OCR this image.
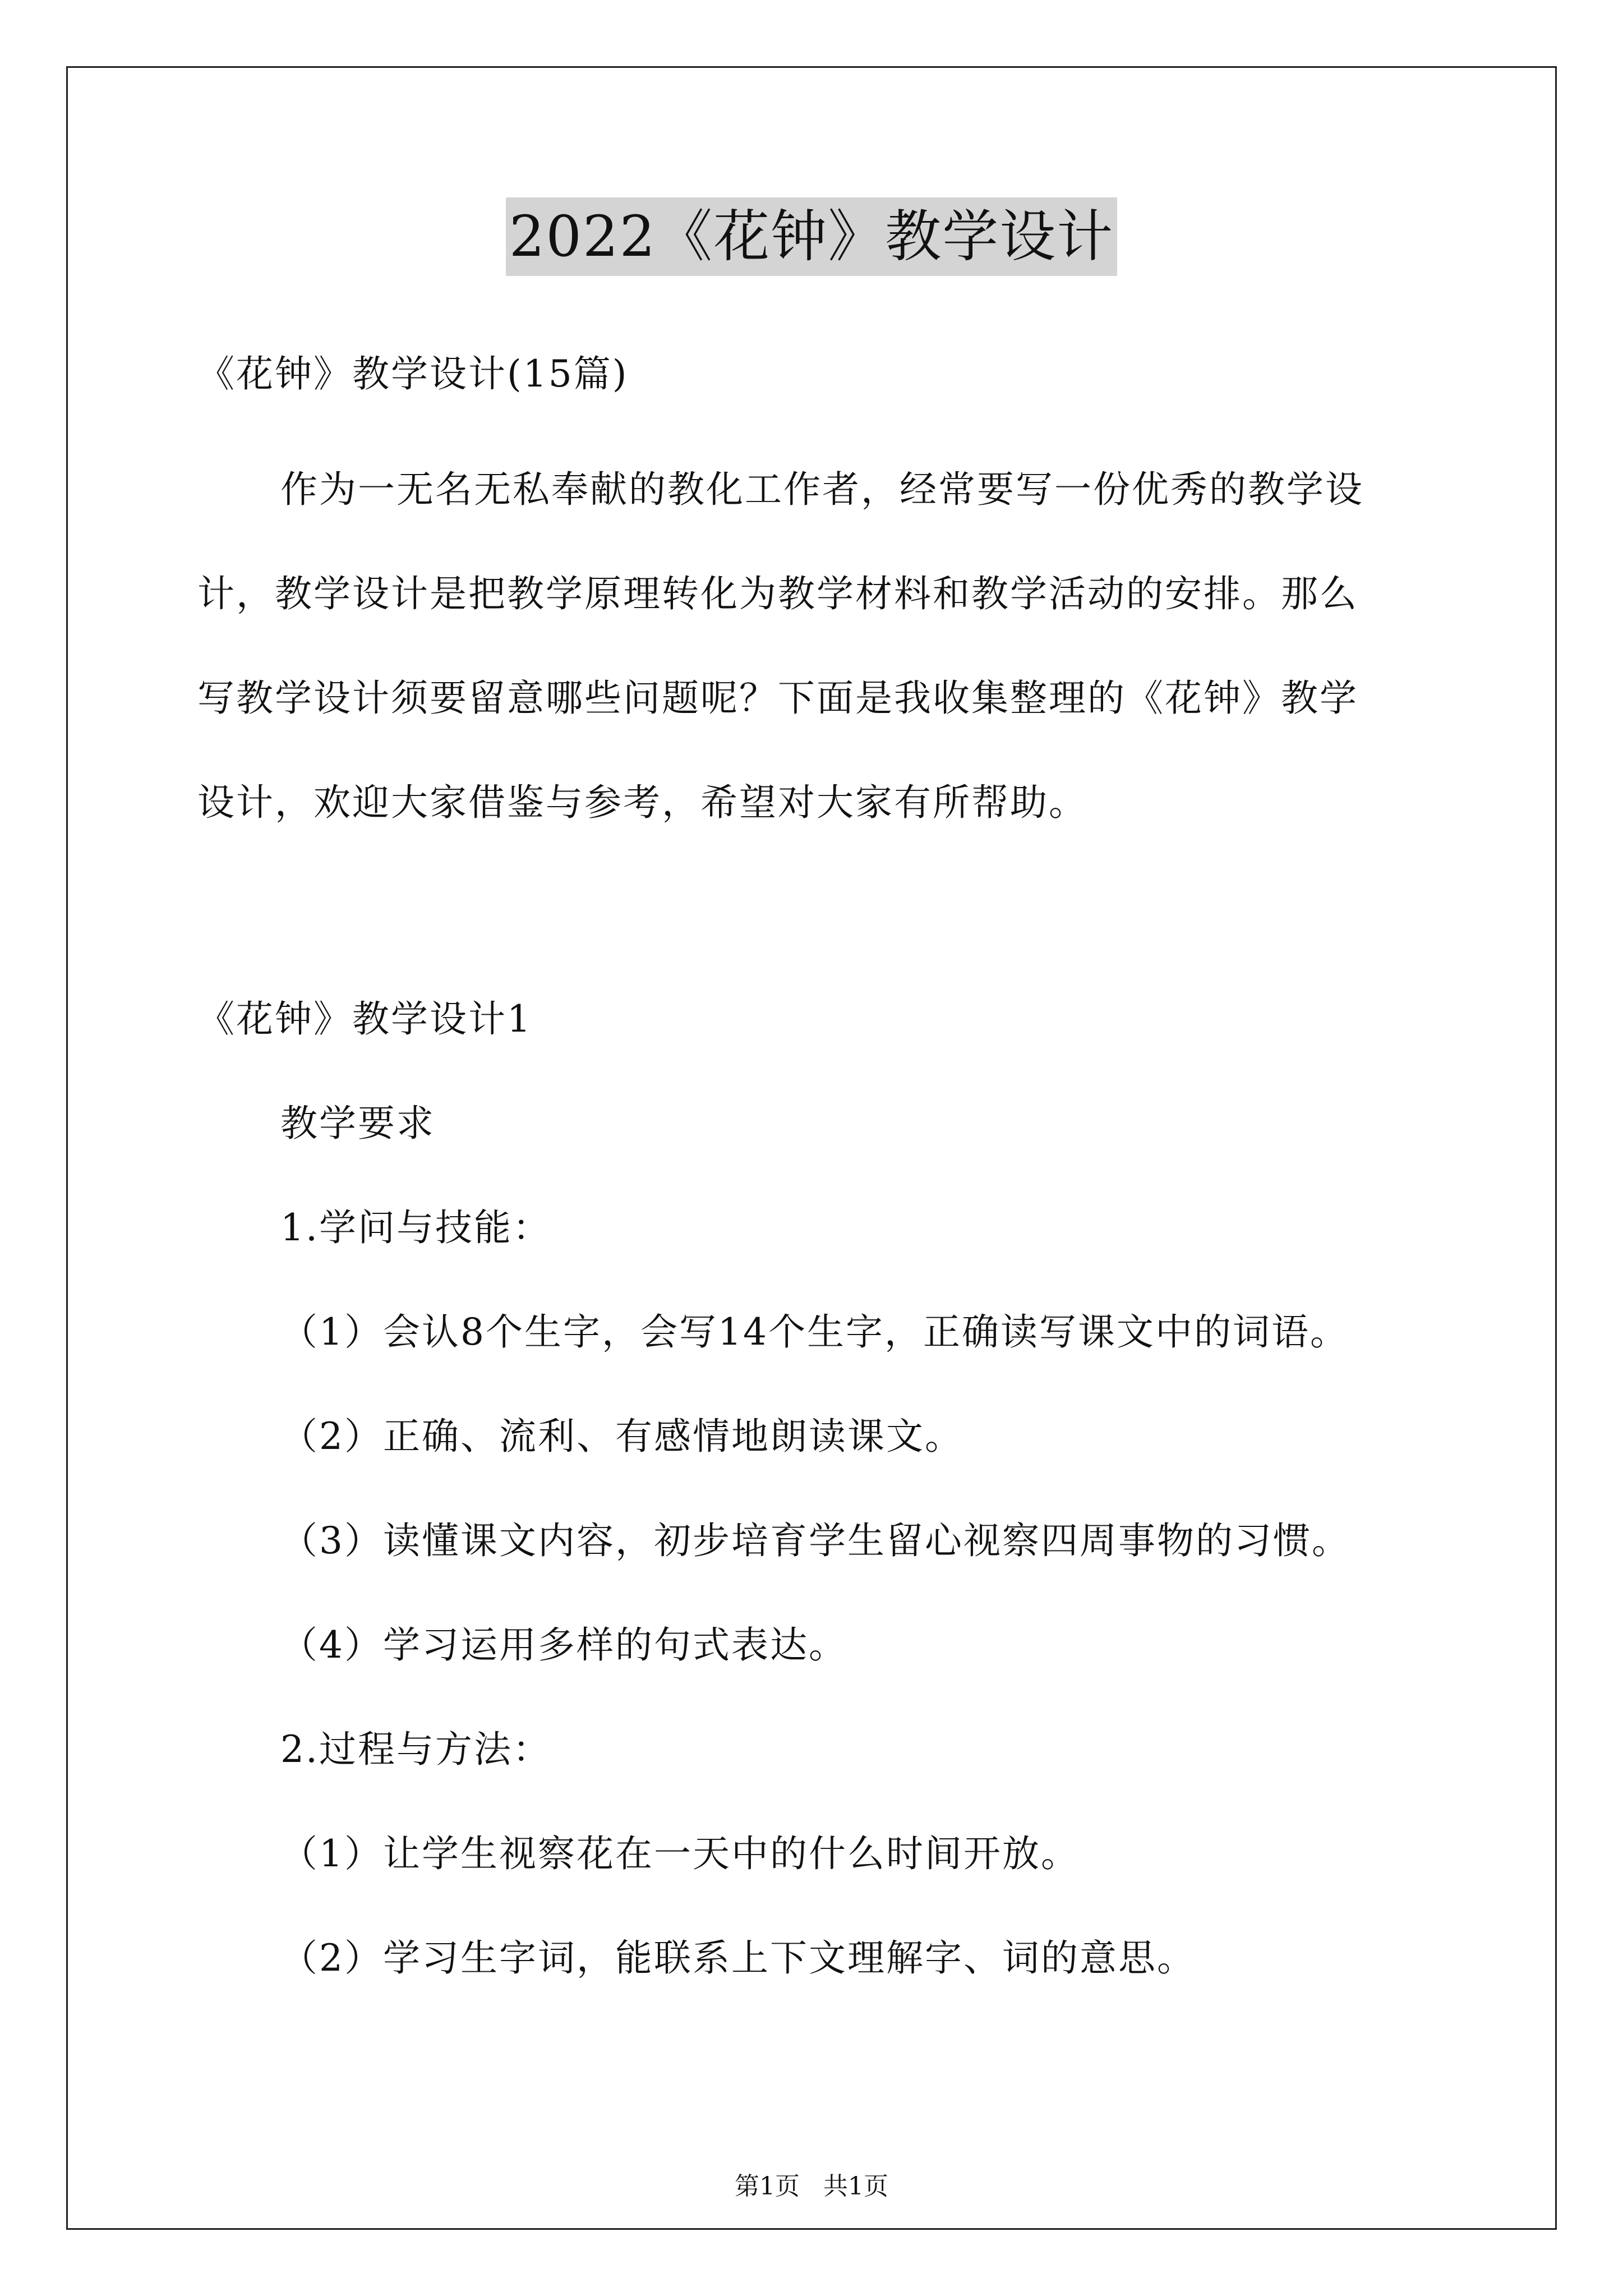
2022《花钟》教学设计
《花钟》教学设计(15篇)
作为一无名无私奉献的教化工作者，经常要写一份优秀的教学设
计，教学设计是把教学原理转化为教学材料和教学活动的安排。那么
写教学设计须要留意哪些问题呢？下面是我收集整理的《花钟》教学
设计，欢迎大家借鉴与参考，希望对大家有所帮助。
《花钟》教学设计1
教学要求
1.学问与技能：
（1）会认8个生字，会写14个生字，正确读写课文中的词语。
（2）正确、流利、有感情地朗读课文。
（3）读懂课文内容，初步培育学生留心视察四周事物的习惯。
（4）学习运用多样的句式表达。
2.过程与方法：
（1）让学生视察花在一天中的什么时间开放。
（2）学习生字词，能联系上下文理解字、词的意思。
第1页   共1页
